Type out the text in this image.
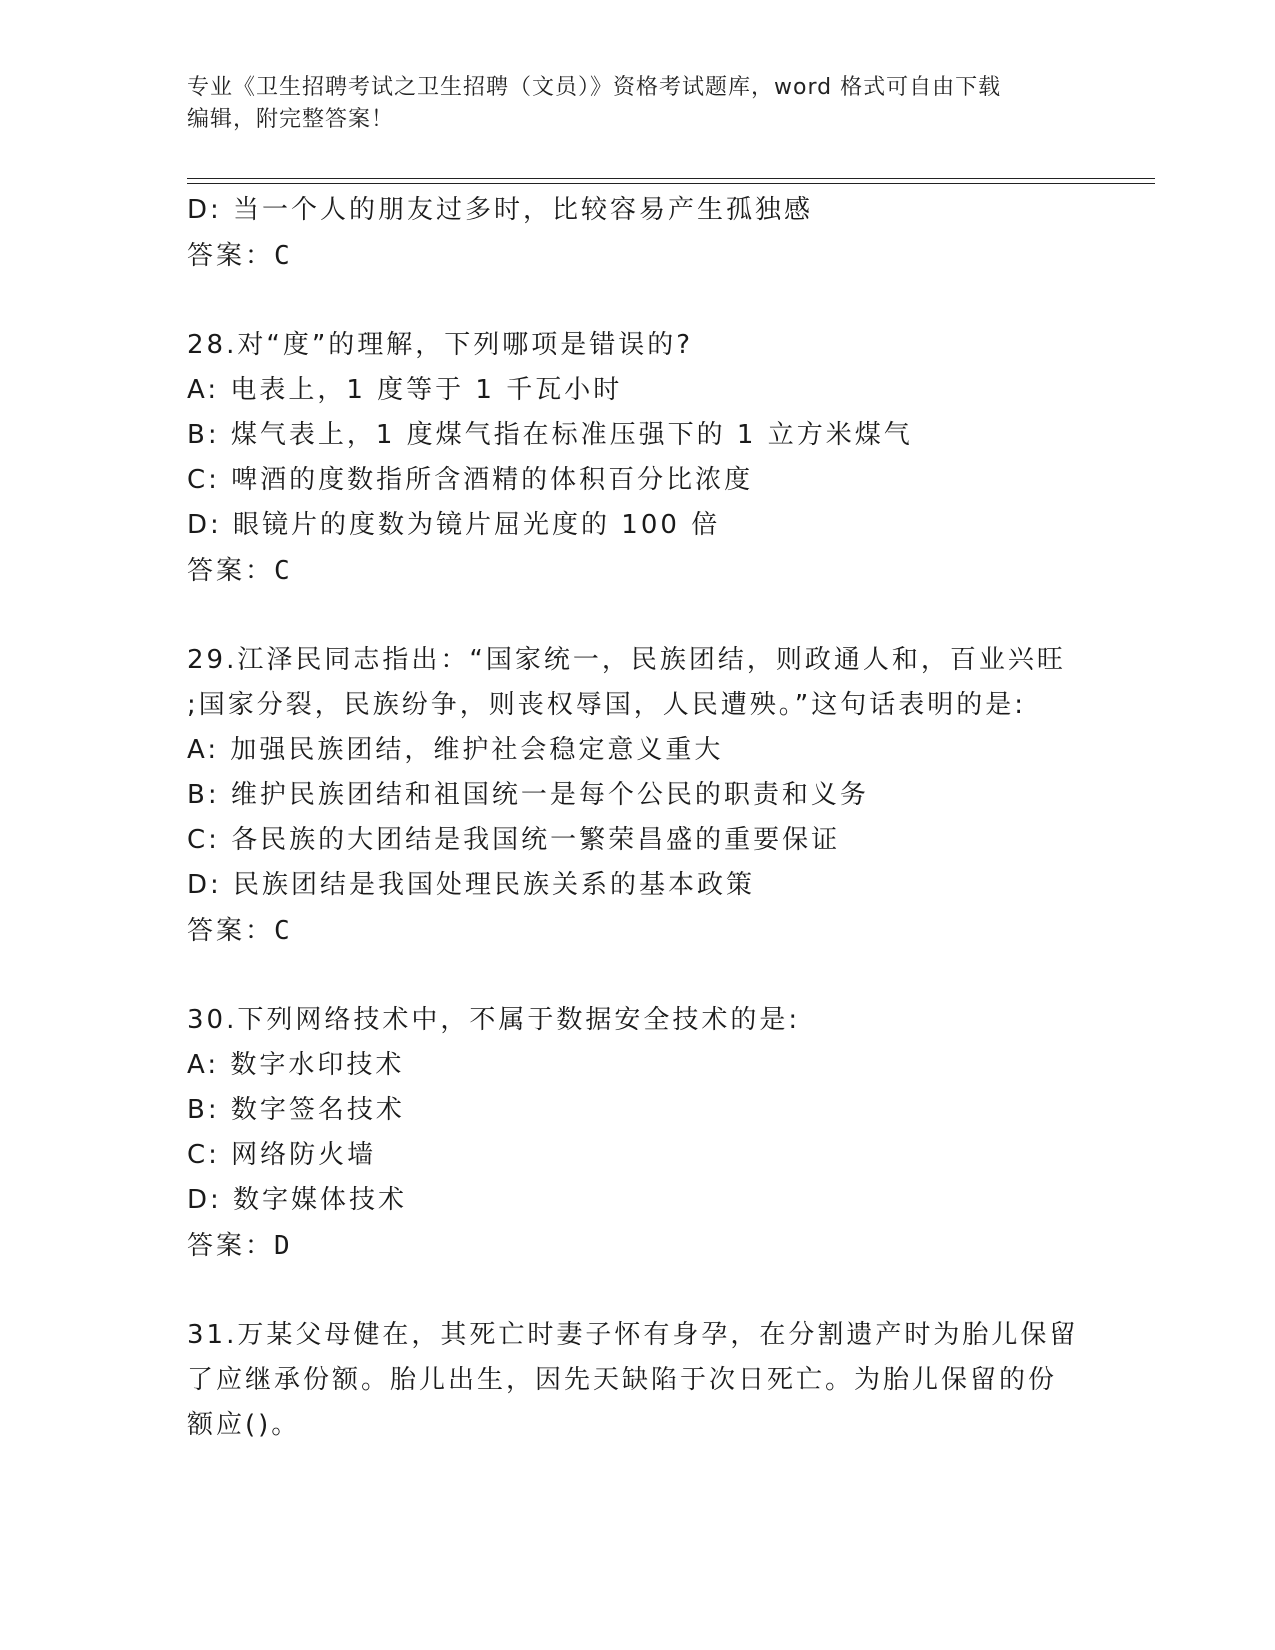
专业《卫生招聘考试之卫生招聘（文员）》资格考试题库，word 格式可自由下载
编辑，附完整答案！
D: 当一个人的朋友过多时，比较容易产生孤独感
答案：C
28.对“度”的理解，下列哪项是错误的?
A: 电表上，1 度等于 1 千瓦小时
B: 煤气表上，1 度煤气指在标准压强下的 1 立方米煤气
C: 啤酒的度数指所含酒精的体积百分比浓度
D: 眼镜片的度数为镜片屈光度的 100 倍
答案：C
29.江泽民同志指出：“国家统一，民族团结，则政通人和，百业兴旺
;国家分裂，民族纷争，则丧权辱国，人民遭殃。”这句话表明的是:
A: 加强民族团结，维护社会稳定意义重大
B: 维护民族团结和祖国统一是每个公民的职责和义务
C: 各民族的大团结是我国统一繁荣昌盛的重要保证
D: 民族团结是我国处理民族关系的基本政策
答案：C
30.下列网络技术中，不属于数据安全技术的是:
A: 数字水印技术
B: 数字签名技术
C: 网络防火墙
D: 数字媒体技术
答案：D
31.万某父母健在，其死亡时妻子怀有身孕，在分割遗产时为胎儿保留
了应继承份额。胎儿出生，因先天缺陷于次日死亡。为胎儿保留的份
额应()。
